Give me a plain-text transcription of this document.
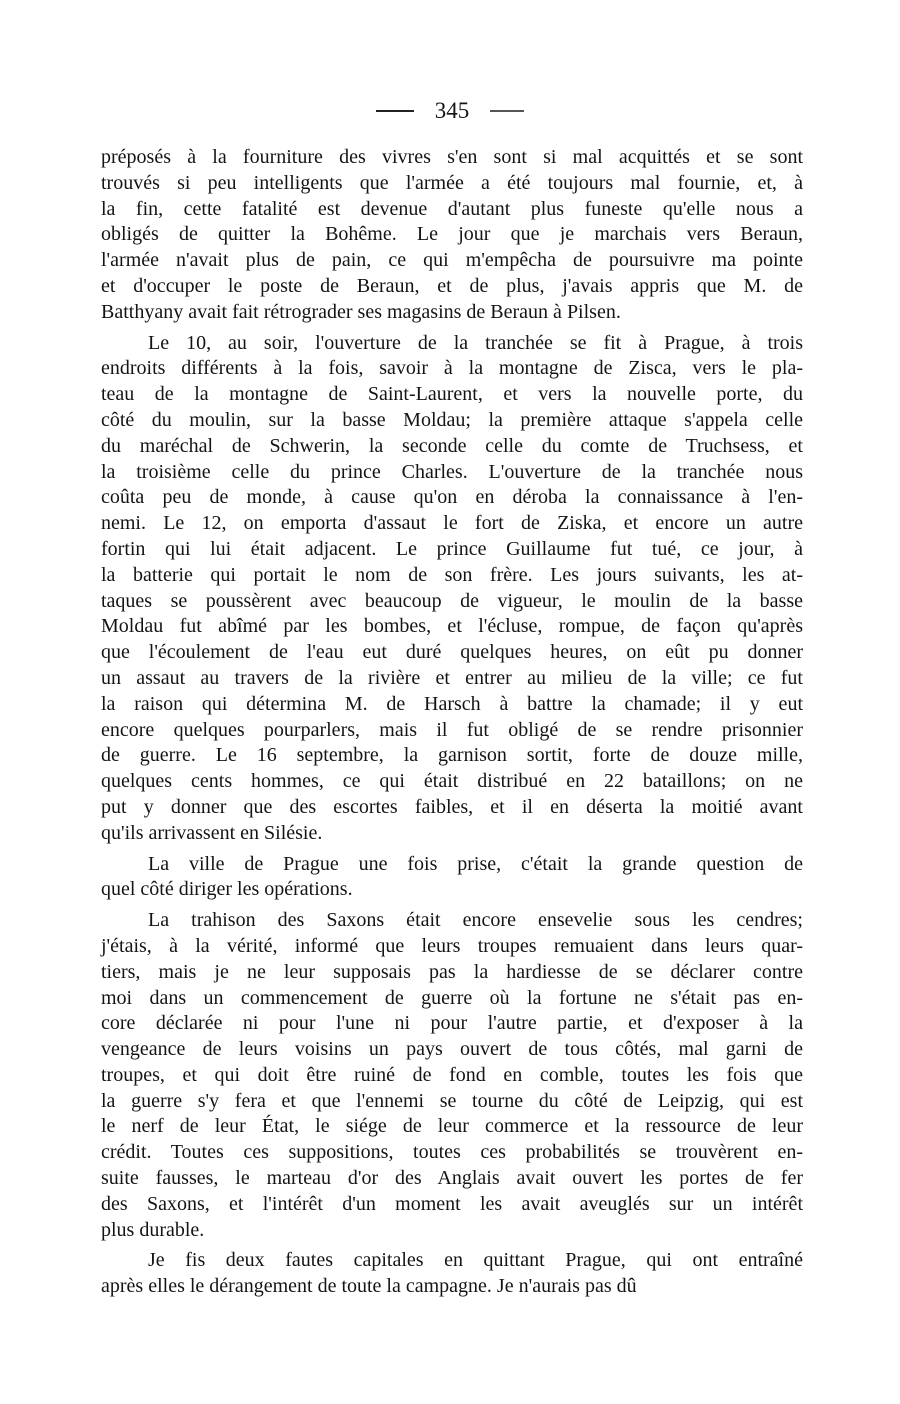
345
préposés à la fourniture des vivres s'en sont si mal acquittés et se sont
trouvés si peu intelligents que l'armée a été toujours mal fournie, et, à
la fin, cette fatalité est devenue d'autant plus funeste qu'elle nous a
obligés de quitter la Bohême. Le jour que je marchais vers Beraun,
l'armée n'avait plus de pain, ce qui m'empêcha de poursuivre ma pointe
et d'occuper le poste de Beraun, et de plus, j'avais appris que M. de
Batthyany avait fait rétrograder ses magasins de Beraun à Pilsen.
Le 10, au soir, l'ouverture de la tranchée se fit à Prague, à trois
endroits différents à la fois, savoir à la montagne de Zisca, vers le pla-
teau de la montagne de Saint-Laurent, et vers la nouvelle porte, du
côté du moulin, sur la basse Moldau; la première attaque s'appela celle
du maréchal de Schwerin, la seconde celle du comte de Truchsess, et
la troisième celle du prince Charles. L'ouverture de la tranchée nous
coûta peu de monde, à cause qu'on en déroba la connaissance à l'en-
nemi. Le 12, on emporta d'assaut le fort de Ziska, et encore un autre
fortin qui lui était adjacent. Le prince Guillaume fut tué, ce jour, à
la batterie qui portait le nom de son frère. Les jours suivants, les at-
taques se poussèrent avec beaucoup de vigueur, le moulin de la basse
Moldau fut abîmé par les bombes, et l'écluse, rompue, de façon qu'après
que l'écoulement de l'eau eut duré quelques heures, on eût pu donner
un assaut au travers de la rivière et entrer au milieu de la ville; ce fut
la raison qui détermina M. de Harsch à battre la chamade; il y eut
encore quelques pourparlers, mais il fut obligé de se rendre prisonnier
de guerre. Le 16 septembre, la garnison sortit, forte de douze mille,
quelques cents hommes, ce qui était distribué en 22 bataillons; on ne
put y donner que des escortes faibles, et il en déserta la moitié avant
qu'ils arrivassent en Silésie.
La ville de Prague une fois prise, c'était la grande question de
quel côté diriger les opérations.
La trahison des Saxons était encore ensevelie sous les cendres;
j'étais, à la vérité, informé que leurs troupes remuaient dans leurs quar-
tiers, mais je ne leur supposais pas la hardiesse de se déclarer contre
moi dans un commencement de guerre où la fortune ne s'était pas en-
core déclarée ni pour l'une ni pour l'autre partie, et d'exposer à la
vengeance de leurs voisins un pays ouvert de tous côtés, mal garni de
troupes, et qui doit être ruiné de fond en comble, toutes les fois que
la guerre s'y fera et que l'ennemi se tourne du côté de Leipzig, qui est
le nerf de leur État, le siége de leur commerce et la ressource de leur
crédit. Toutes ces suppositions, toutes ces probabilités se trouvèrent en-
suite fausses, le marteau d'or des Anglais avait ouvert les portes de fer
des Saxons, et l'intérêt d'un moment les avait aveuglés sur un intérêt
plus durable.
Je fis deux fautes capitales en quittant Prague, qui ont entraîné
après elles le dérangement de toute la campagne. Je n'aurais pas dû
